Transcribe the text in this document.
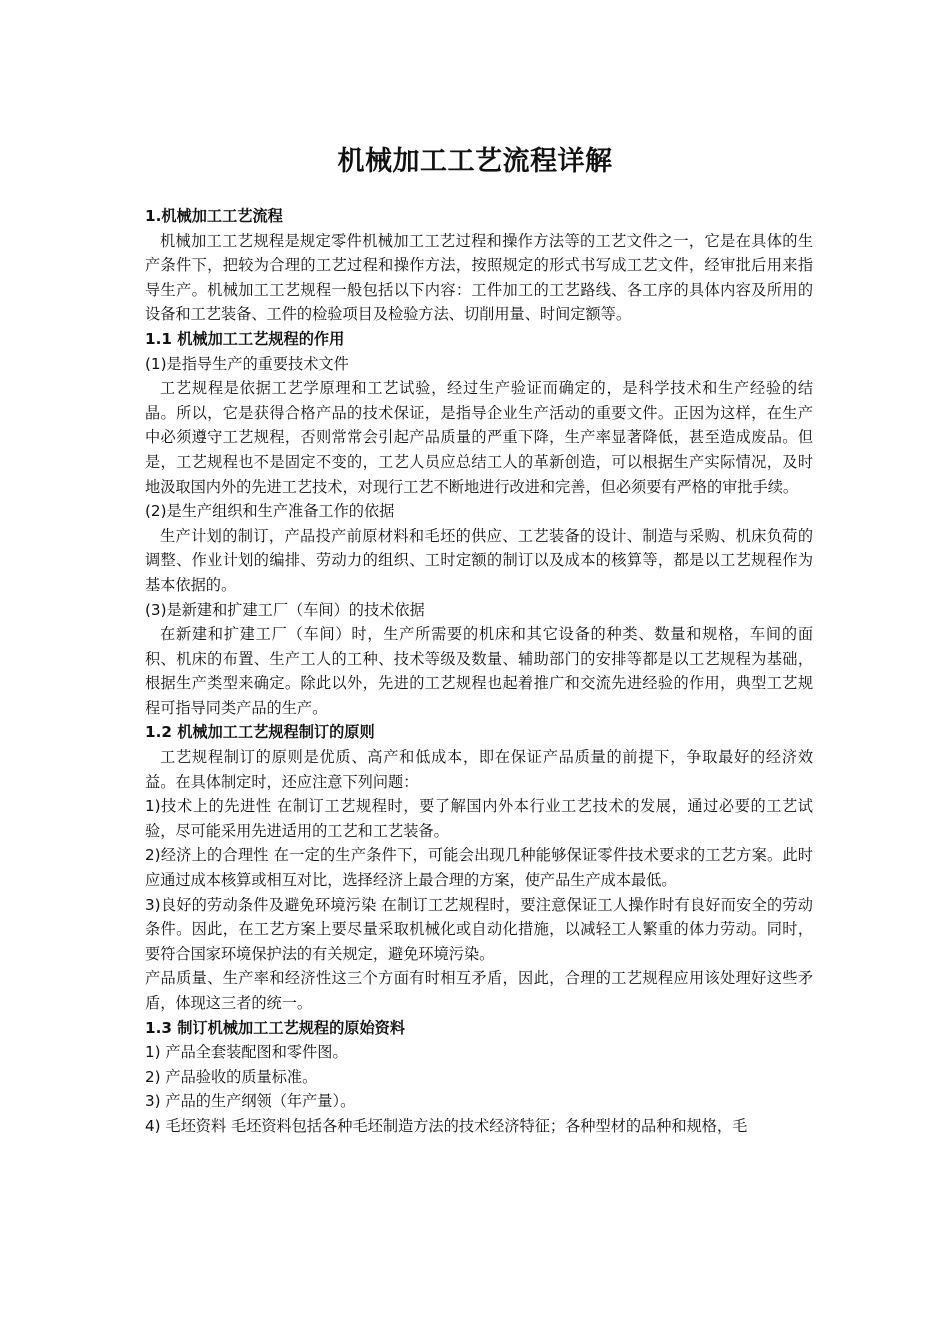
机械加工工艺流程详解

1.机械加工工艺流程

机械加工工艺规程是规定零件机械加工工艺过程和操作方法等的工艺文件之一，它是在具体的生产条件下，把较为合理的工艺过程和操作方法，按照规定的形式书写成工艺文件，经审批后用来指导生产。机械加工工艺规程一般包括以下内容：工件加工的工艺路线、各工序的具体内容及所用的设备和工艺装备、工件的检验项目及检验方法、切削用量、时间定额等。

1.1 机械加工工艺规程的作用

(1)是指导生产的重要技术文件

工艺规程是依据工艺学原理和工艺试验，经过生产验证而确定的，是科学技术和生产经验的结晶。所以，它是获得合格产品的技术保证，是指导企业生产活动的重要文件。正因为这样，在生产中必须遵守工艺规程，否则常常会引起产品质量的严重下降，生产率显著降低，甚至造成废品。但是，工艺规程也不是固定不变的，工艺人员应总结工人的革新创造，可以根据生产实际情况，及时地汲取国内外的先进工艺技术，对现行工艺不断地进行改进和完善，但必须要有严格的审批手续。

(2)是生产组织和生产准备工作的依据

生产计划的制订，产品投产前原材料和毛坯的供应、工艺装备的设计、制造与采购、机床负荷的调整、作业计划的编排、劳动力的组织、工时定额的制订以及成本的核算等，都是以工艺规程作为基本依据的。

(3)是新建和扩建工厂（车间）的技术依据

在新建和扩建工厂（车间）时，生产所需要的机床和其它设备的种类、数量和规格，车间的面积、机床的布置、生产工人的工种、技术等级及数量、辅助部门的安排等都是以工艺规程为基础，根据生产类型来确定。除此以外，先进的工艺规程也起着推广和交流先进经验的作用，典型工艺规程可指导同类产品的生产。

1.2 机械加工工艺规程制订的原则

工艺规程制订的原则是优质、高产和低成本，即在保证产品质量的前提下，争取最好的经济效益。在具体制定时，还应注意下列问题：

1)技术上的先进性 在制订工艺规程时，要了解国内外本行业工艺技术的发展，通过必要的工艺试验，尽可能采用先进适用的工艺和工艺装备。

2)经济上的合理性 在一定的生产条件下，可能会出现几种能够保证零件技术要求的工艺方案。此时应通过成本核算或相互对比，选择经济上最合理的方案，使产品生产成本最低。

3)良好的劳动条件及避免环境污染 在制订工艺规程时，要注意保证工人操作时有良好而安全的劳动条件。因此，在工艺方案上要尽量采取机械化或自动化措施，以减轻工人繁重的体力劳动。同时，要符合国家环境保护法的有关规定，避免环境污染。

产品质量、生产率和经济性这三个方面有时相互矛盾，因此，合理的工艺规程应用该处理好这些矛盾，体现这三者的统一。

1.3 制订机械加工工艺规程的原始资料

1) 产品全套装配图和零件图。

2) 产品验收的质量标准。

3) 产品的生产纲领（年产量）。

4) 毛坯资料 毛坯资料包括各种毛坯制造方法的技术经济特征；各种型材的品种和规格，毛
